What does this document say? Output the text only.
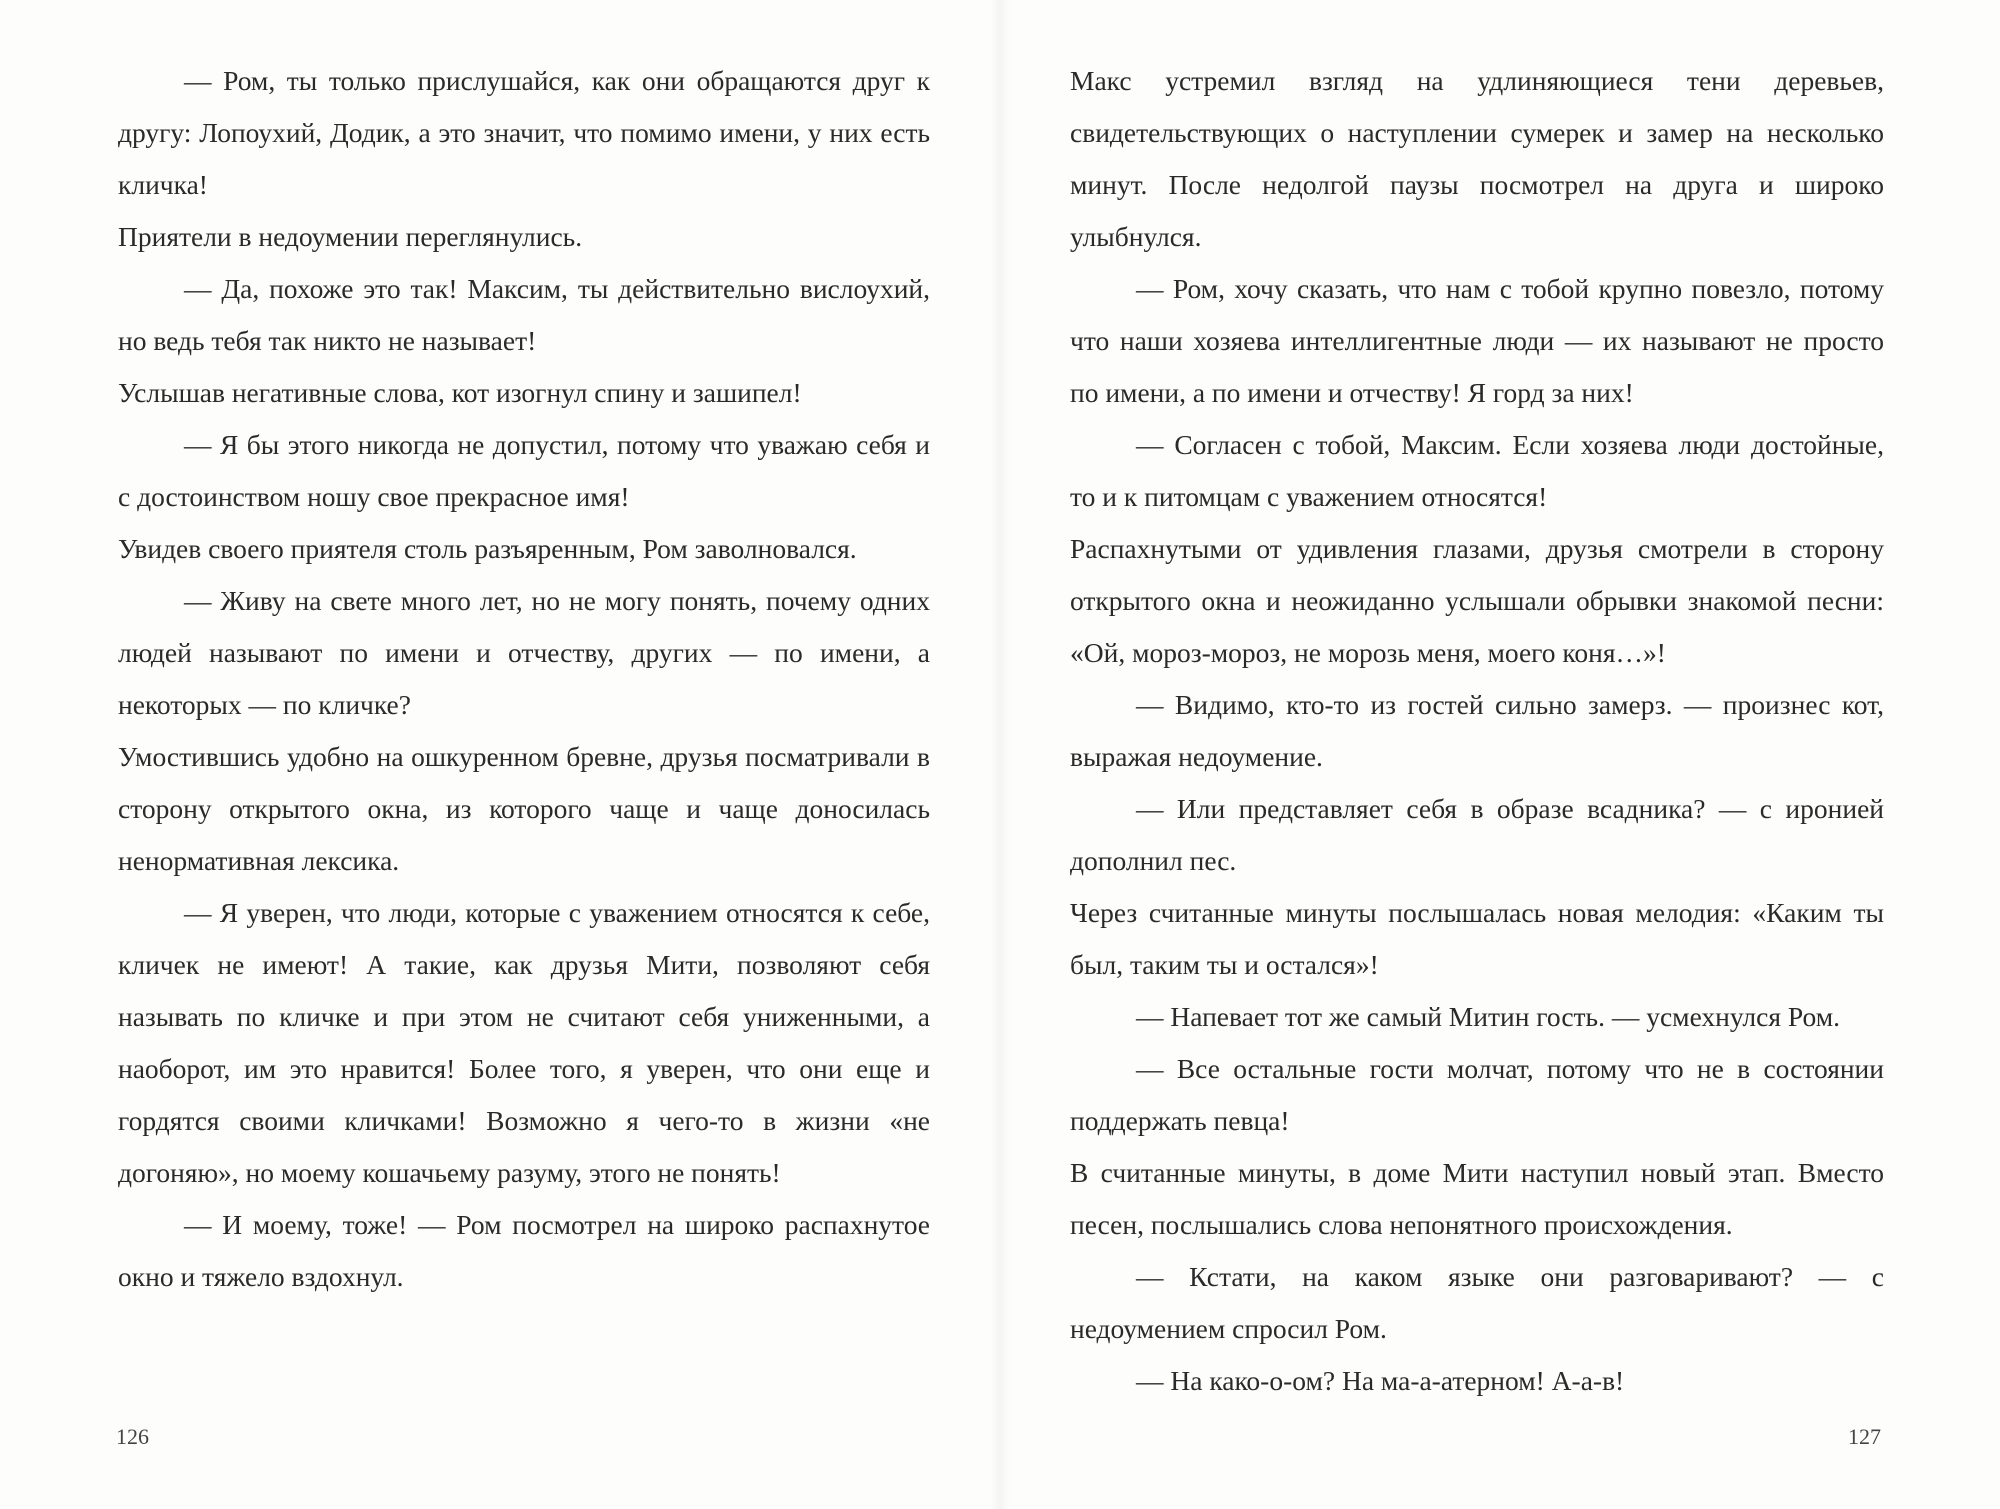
— Ром, ты только прислушайся, как они обращаются друг к другу: Лопоухий, Додик, а это значит, что помимо имени, у них есть кличка!

Приятели в недоумении переглянулись.

— Да, похоже это так! Максим, ты действительно вислоухий, но ведь тебя так никто не называет!

Услышав негативные слова, кот изогнул спину и зашипел!

— Я бы этого никогда не допустил, потому что уважаю себя и с достоинством ношу свое прекрасное имя!

Увидев своего приятеля столь разъяренным, Ром заволновался.

— Живу на свете много лет, но не могу понять, почему одних людей называют по имени и отчеству, других — по имени, а некоторых — по кличке?

Умостившись удобно на ошкуренном бревне, друзья посматривали в сторону открытого окна, из которого чаще и чаще доносилась ненормативная лексика.

— Я уверен, что люди, которые с уважением относятся к себе, кличек не имеют! А такие, как друзья Мити, позволяют себя называть по кличке и при этом не считают себя униженными, а наоборот, им это нравится! Более того, я уверен, что они еще и гордятся своими кличками! Возможно я чего-то в жизни «не догоняю», но моему кошачьему разуму, этого не понять!

— И моему, тоже! — Ром посмотрел на широко распахнутое окно и тяжело вздохнул.

126

Макс устремил взгляд на удлиняющиеся тени деревьев, свидетельствующих о наступлении сумерек и замер на несколько минут. После недолгой паузы посмотрел на друга и широко улыбнулся.

— Ром, хочу сказать, что нам с тобой крупно повезло, потому что наши хозяева интеллигентные люди — их называют не просто по имени, а по имени и отчеству! Я горд за них!

— Согласен с тобой, Максим. Если хозяева люди достойные, то и к питомцам с уважением относятся!

Распахнутыми от удивления глазами, друзья смотрели в сторону открытого окна и неожиданно услышали обрывки знакомой песни: «Ой, мороз-мороз, не морозь меня, моего коня…»!

— Видимо, кто-то из гостей сильно замерз. — произнес кот, выражая недоумение.

— Или представляет себя в образе всадника? — с иронией дополнил пес.

Через считанные минуты послышалась новая мелодия: «Каким ты был, таким ты и остался»!

— Напевает тот же самый Митин гость. — усмехнулся Ром.

— Все остальные гости молчат, потому что не в состоянии поддержать певца!

В считанные минуты, в доме Мити наступил новый этап. Вместо песен, послышались слова непонятного происхождения.

— Кстати, на каком языке они разговаривают? — с недоумением спросил Ром.

— На како-о-ом? На ма-а-атерном! А-а-в!

127
